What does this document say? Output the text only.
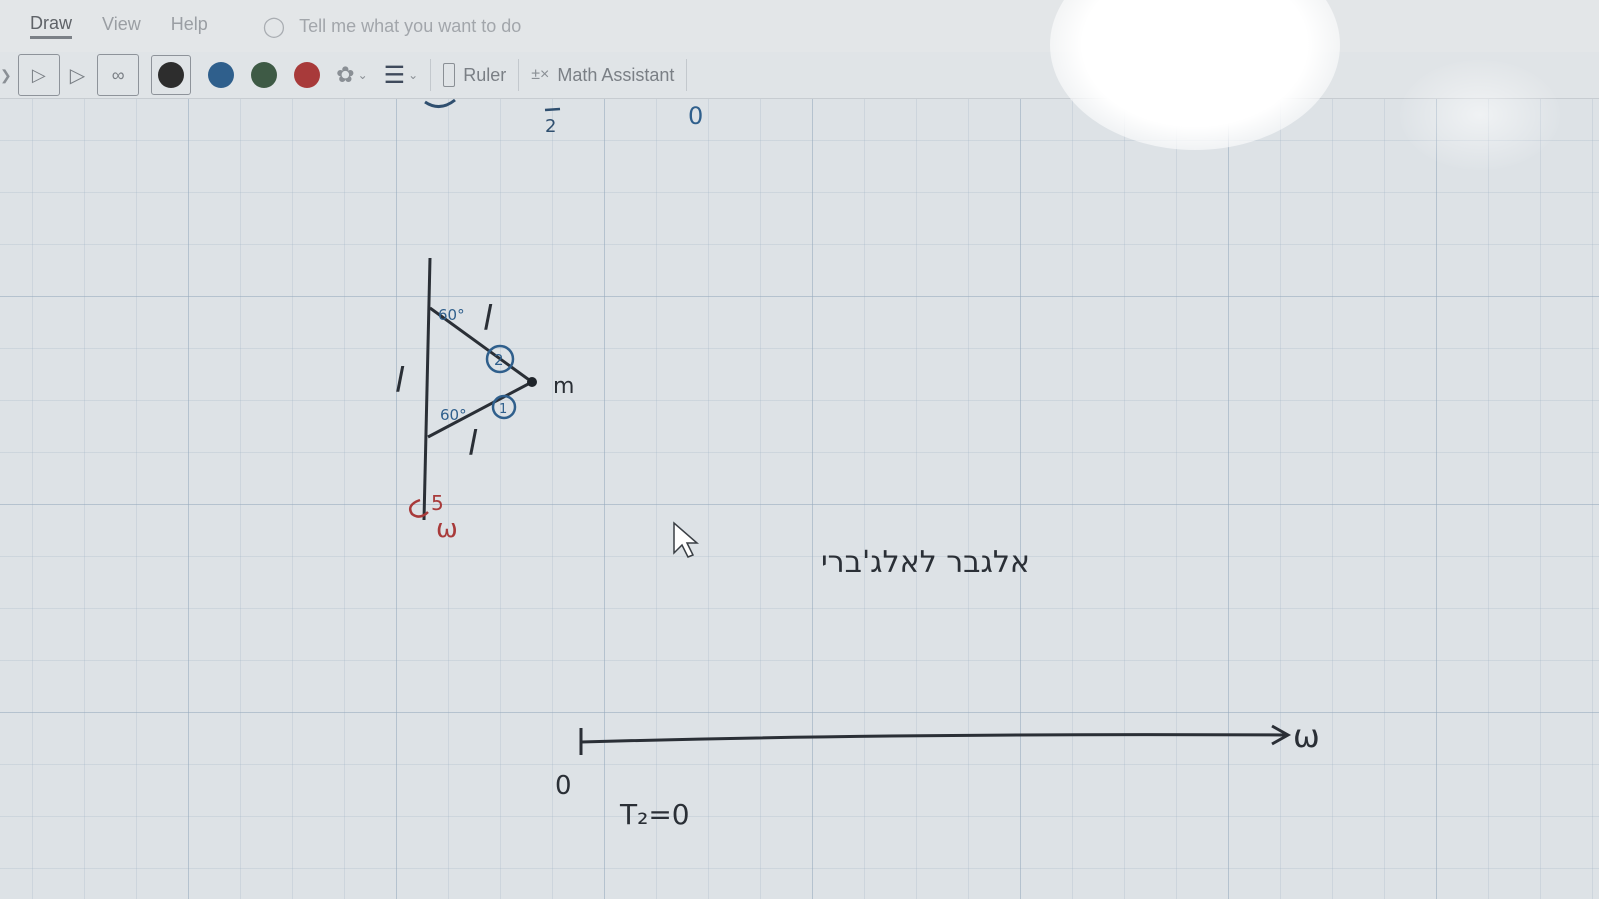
Draw View Help	◯ Tell me what you want to do
❯ ▷ ▷ ∞	✿ ⌄ ☰ ⌄	Ruler ±× Math Assistant
2	0
l
l
l
m
60°
60°
2
1
5
ω
אלגבר לאלג'ברי
ω
0
T₂=0
